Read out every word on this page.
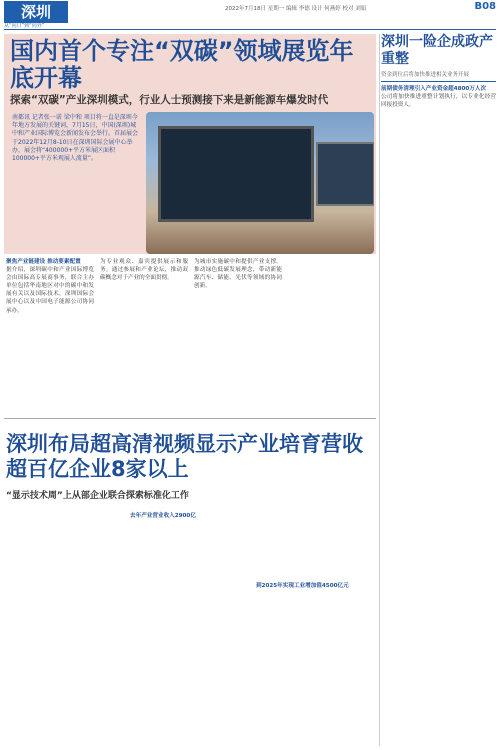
深圳
从“向口”到“向外”
2022年7月18日 星期一 编辑 李德 设计 何燕婷 校对 刘娟	B08
国内首个专注“双碳”领域展览年底开幕
探索“双碳”产业深圳模式，行业人士预测接下来是新能源车爆发时代
南都讯 记者张一诺 梁中和 项目将一直是深圳今年地方发展的关键词，7月15日，中国(深圳)城中和产业国际博览会新闻发布会举行。首届展会于2022年12月8-10日在深圳国际会展中心举办，展会将“400000+平方米展区面积100000+平方米观展人流量”。
聚焦产业链建设 推动要素配置
据介绍，深圳碳中和产业国际博览会由国际高专展商事务，联合主办单位包括华南地区对中的碳中和发展有关以及国际技术，深圳国际会展中心以及中国电子能源公司协同承办。
为专业观众、嘉宾提供展示和服务。通过参展和产业论坛，推动双碳概念对于产业的全面贯彻。
为城市实施碳中和提供产业支撑。推动绿色低碳发展理念，带动新能源汽车、储能、光伏等领域的协同创新。
深圳一险企成政产重整
资金到位后将加快推进相关业务开展
前期债务清理引入产业资金超4800万人次
公司将加快推进重整计划执行，以专业化经营回报投资人。
深圳布局超高清视频显示产业培育营收超百亿企业8家以上
“显示技术周”上从部企业联合探索标准化工作
去年产业营业收入2900亿
到2025年实现工业增加值4500亿元
